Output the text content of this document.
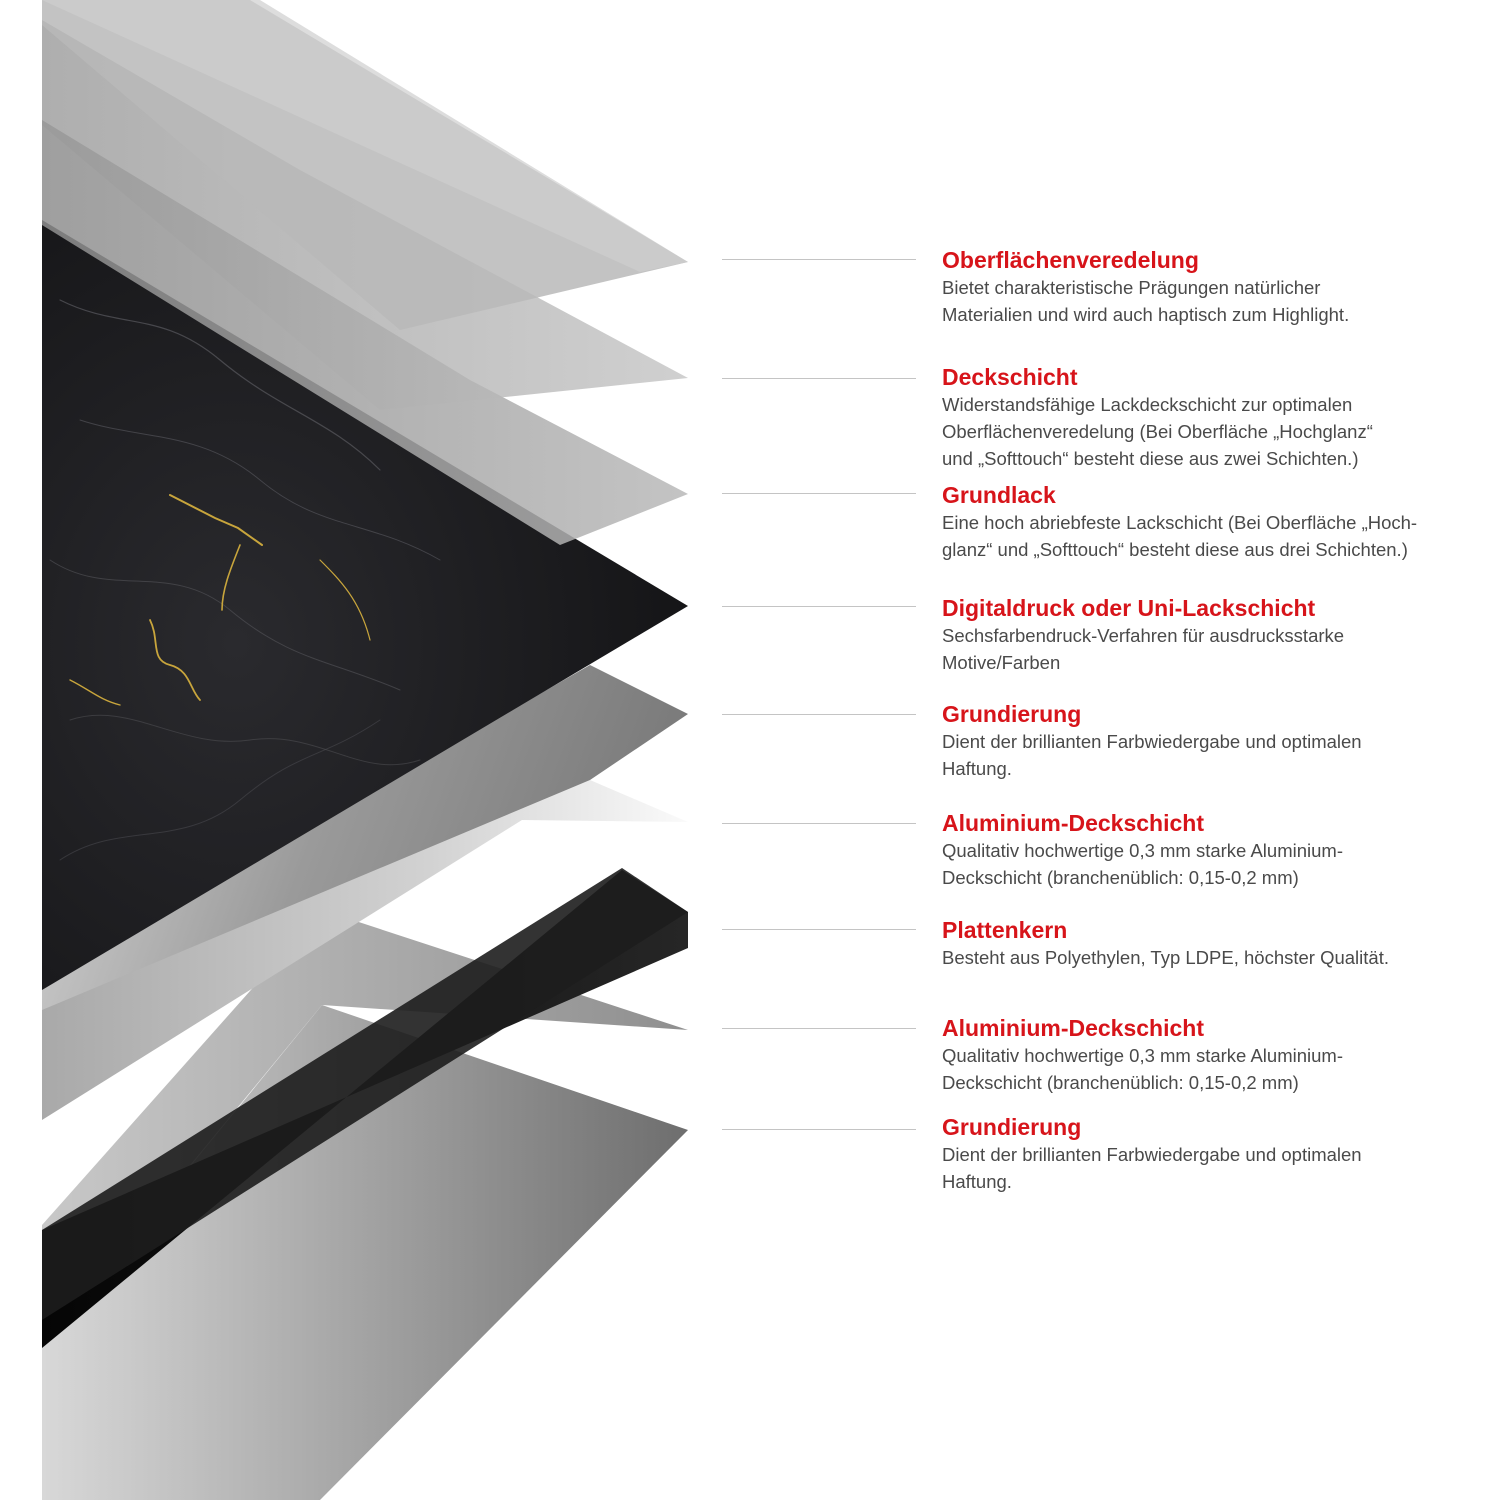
Oberflächenveredelung
Bietet charakteristische Prägungen natürlicher
Materialien und wird auch haptisch zum Highlight.
Deckschicht
Widerstandsfähige Lackdeckschicht zur optimalen
Oberflächenveredelung (Bei Oberfläche „Hochglanz“
und „Softtouch“ besteht diese aus zwei Schichten.)
Grundlack
Eine hoch abriebfeste Lackschicht (Bei Oberfläche „Hoch-
glanz“ und „Softtouch“ besteht diese aus drei Schichten.)
Digitaldruck oder Uni-Lackschicht
Sechsfarbendruck-Verfahren für ausdrucksstarke
Motive/Farben
Grundierung
Dient der brillianten Farbwiedergabe und optimalen
Haftung.
Aluminium-Deckschicht
Qualitativ hochwertige 0,3 mm starke Aluminium-
Deckschicht (branchenüblich: 0,15-0,2 mm)
Plattenkern
Besteht aus Polyethylen, Typ LDPE, höchster Qualität.
Aluminium-Deckschicht
Qualitativ hochwertige 0,3 mm starke Aluminium-
Deckschicht (branchenüblich: 0,15-0,2 mm)
Grundierung
Dient der brillianten Farbwiedergabe und optimalen
Haftung.
